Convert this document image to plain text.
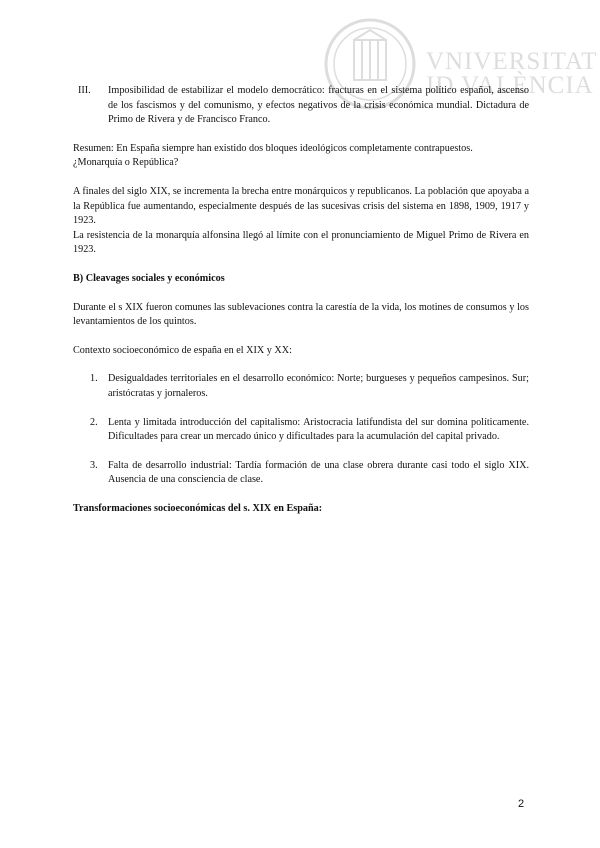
VNIVERSITAT
ID VALÈNCIA
III. Imposibilidad de estabilizar el modelo democrático: fracturas en el sistema político español, ascenso de los fascismos y del comunismo, y efectos negativos de la crisis económica mundial. Dictadura de Primo de Rivera y de Francisco Franco.

Resumen: En España siempre han existido dos bloques ideológicos completamente contrapuestos.

¿Monarquía o República?

A finales del siglo XIX, se incrementa la brecha entre monárquicos y republicanos. La población que apoyaba a la República fue aumentando, especialmente después de las sucesivas crisis del sistema en 1898, 1909, 1917 y 1923.

La resistencia de la monarquía alfonsina llegó al límite con el pronunciamiento de Miguel Primo de Rivera en 1923.

B) Cleavages sociales y económicos

Durante el s XIX fueron comunes las sublevaciones contra la carestía de la vida, los motines de consumos y los levantamientos de los quintos.

Contexto socioeconómico de españa en el XIX y XX:

1. Desigualdades territoriales en el desarrollo económico: Norte; burgueses y pequeños campesinos. Sur; aristócratas y jornaleros.

2. Lenta y limitada introducción del capitalismo: Aristocracia latifundista del sur domina políticamente. Dificultades para crear un mercado único y dificultades para la acumulación del capital privado.

3. Falta de desarrollo industrial: Tardía formación de una clase obrera durante casi todo el siglo XIX. Ausencia de una consciencia de clase.

Transformaciones socioeconómicas del s. XIX en España:

2
